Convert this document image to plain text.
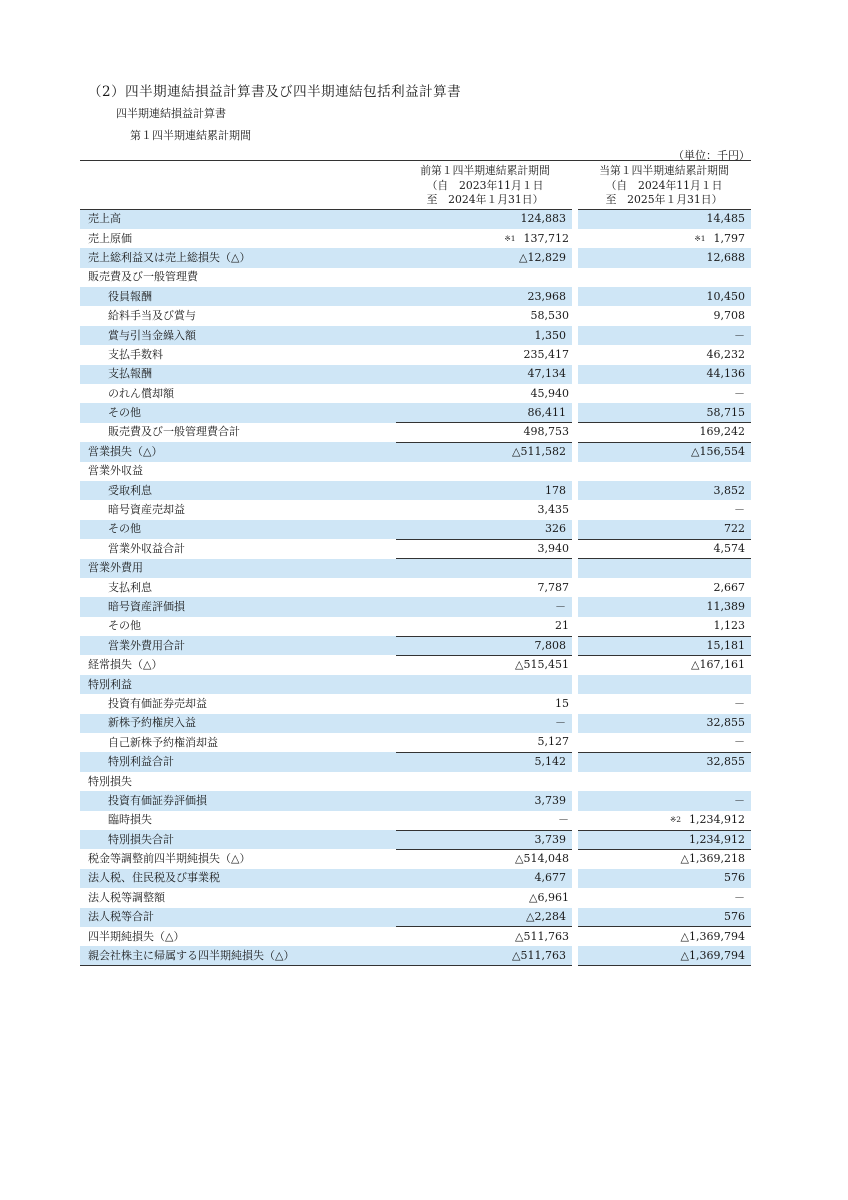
（2）四半期連結損益計算書及び四半期連結包括利益計算書
四半期連結損益計算書
第１四半期連結累計期間
（単位：千円）
前第１四半期連結累計期間
（自　2023年11月１日
至　2024年１月31日）
当第１四半期連結累計期間
（自　2024年11月１日
至　2025年１月31日）
売上高	124,883	14,485
売上原価	※1 137,712	※1 1,797
売上総利益又は売上総損失（△）	△12,829	12,688
販売費及び一般管理費		
役員報酬	23,968	10,450
給料手当及び賞与	58,530	9,708
賞与引当金繰入額	1,350	－
支払手数料	235,417	46,232
支払報酬	47,134	44,136
のれん償却額	45,940	－
その他	86,411	58,715
販売費及び一般管理費合計	498,753	169,242
営業損失（△）	△511,582	△156,554
営業外収益		
受取利息	178	3,852
暗号資産売却益	3,435	－
その他	326	722
営業外収益合計	3,940	4,574
営業外費用		
支払利息	7,787	2,667
暗号資産評価損	－	11,389
その他	21	1,123
営業外費用合計	7,808	15,181
経常損失（△）	△515,451	△167,161
特別利益		
投資有価証券売却益	15	－
新株予約権戻入益	－	32,855
自己新株予約権消却益	5,127	－
特別利益合計	5,142	32,855
特別損失		
投資有価証券評価損	3,739	－
臨時損失	－	※2 1,234,912
特別損失合計	3,739	1,234,912
税金等調整前四半期純損失（△）	△514,048	△1,369,218
法人税、住民税及び事業税	4,677	576
法人税等調整額	△6,961	－
法人税等合計	△2,284	576
四半期純損失（△）	△511,763	△1,369,794
親会社株主に帰属する四半期純損失（△）	△511,763	△1,369,794
